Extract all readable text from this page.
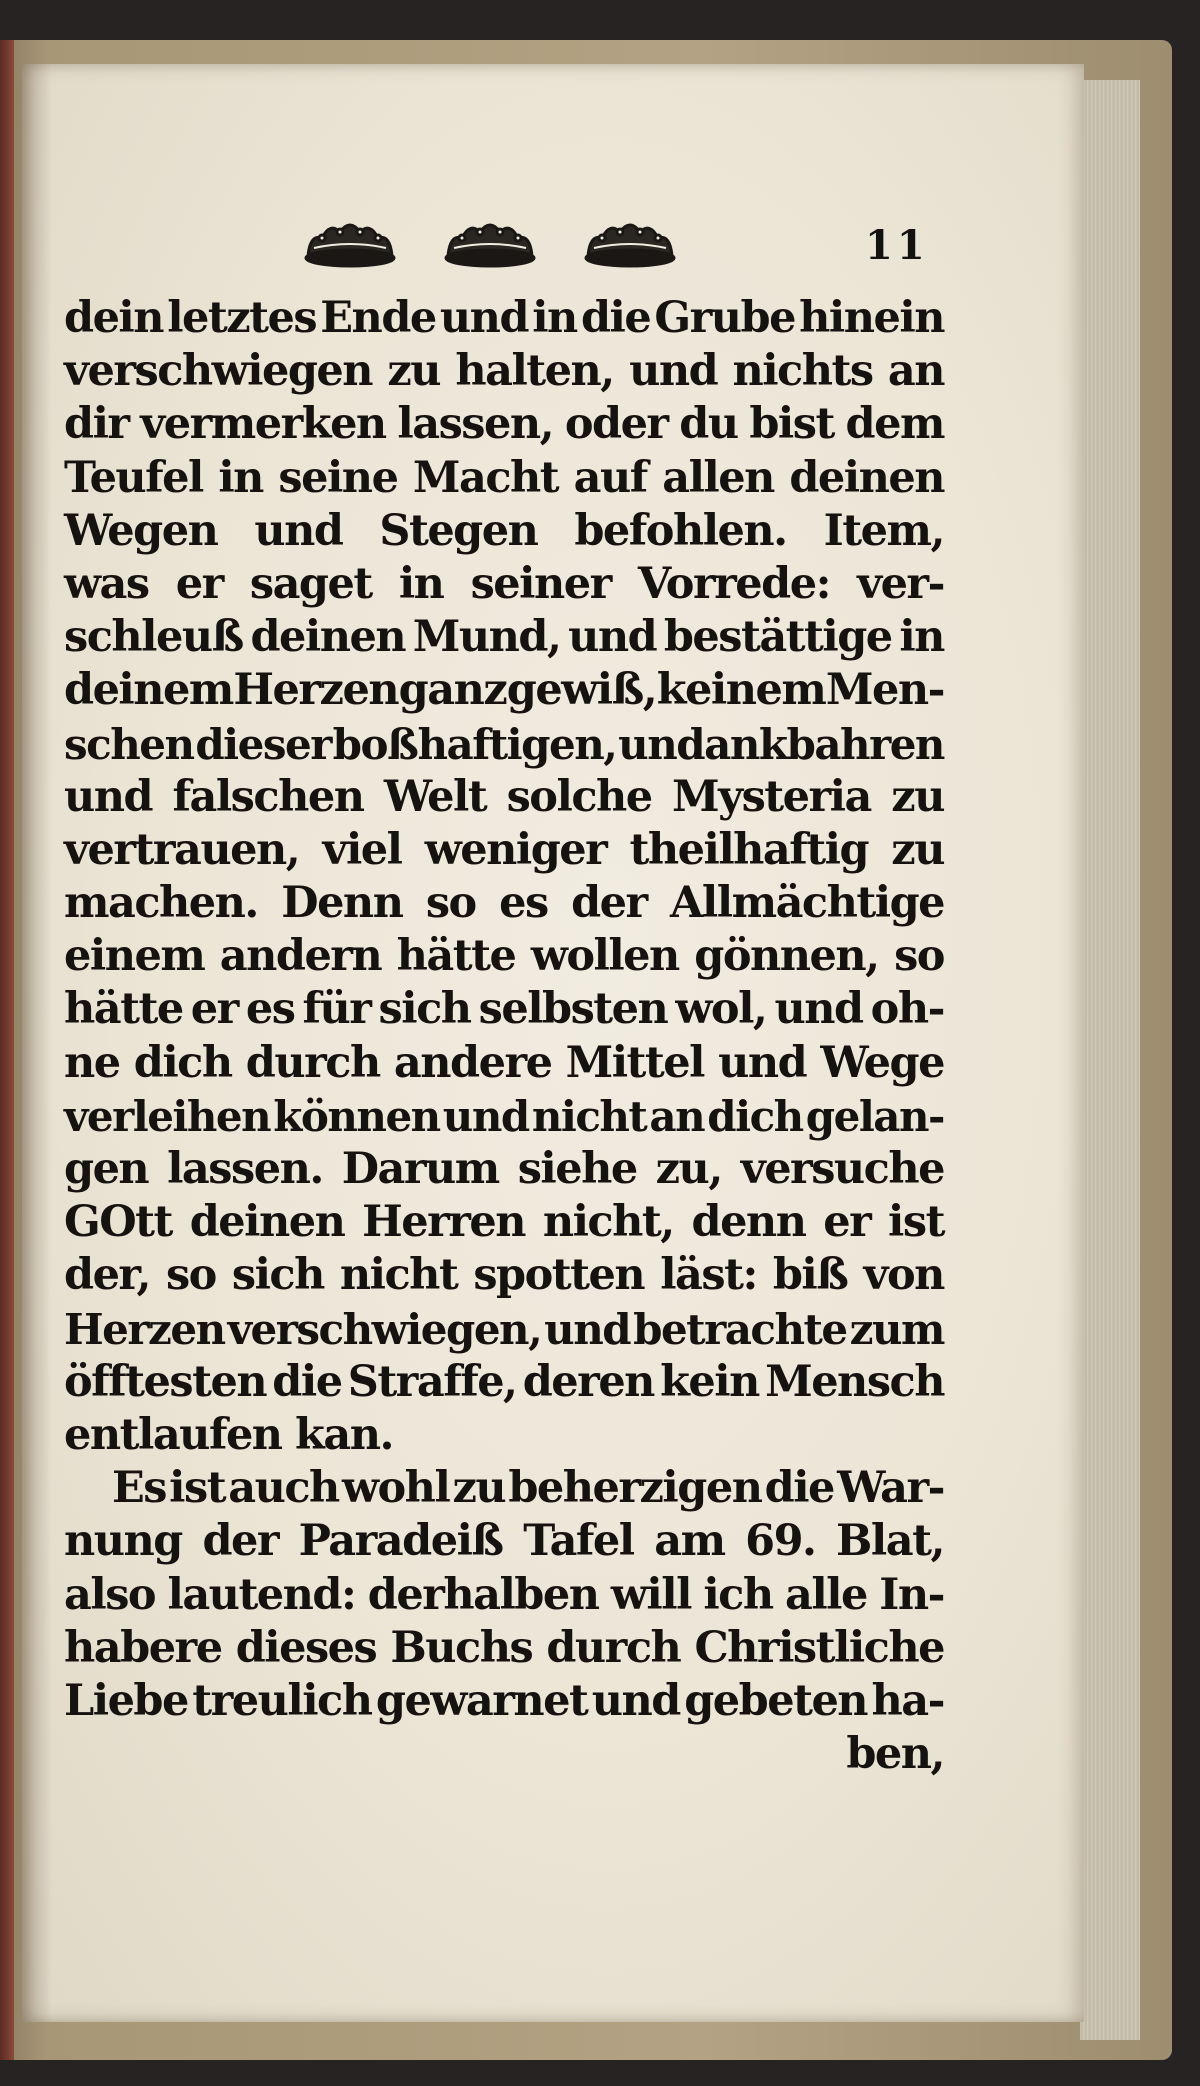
11
dein letztes Ende und in die Grube hinein
verschwiegen zu halten, und nichts an
dir vermerken lassen, oder du bist dem
Teufel in seine Macht auf allen deinen
Wegen und Stegen befohlen. Item,
was er saget in seiner Vorrede: ver-
schleuß deinen Mund, und bestättige in
deinem Herzen ganz gewiß, keinem Men-
schen dieser boßhaftigen, undankbahren
und falschen Welt solche Mysteria zu
vertrauen, viel weniger theilhaftig zu
machen. Denn so es der Allmächtige
einem andern hätte wollen gönnen, so
hätte er es für sich selbsten wol, und oh-
ne dich durch andere Mittel und Wege
verleihen können und nicht an dich gelan-
gen lassen. Darum siehe zu, versuche
GOtt deinen Herren nicht, denn er ist
der, so sich nicht spotten läst: biß von
Herzen verschwiegen, und betrachte zum
öfftesten die Straffe, deren kein Mensch
entlaufen kan.
Es ist auch wohl zu beherzigen die War-
nung der Paradeiß Tafel am 69. Blat,
also lautend: derhalben will ich alle In-
habere dieses Buchs durch Christliche
Liebe treulich gewarnet und gebeten ha-
ben,
